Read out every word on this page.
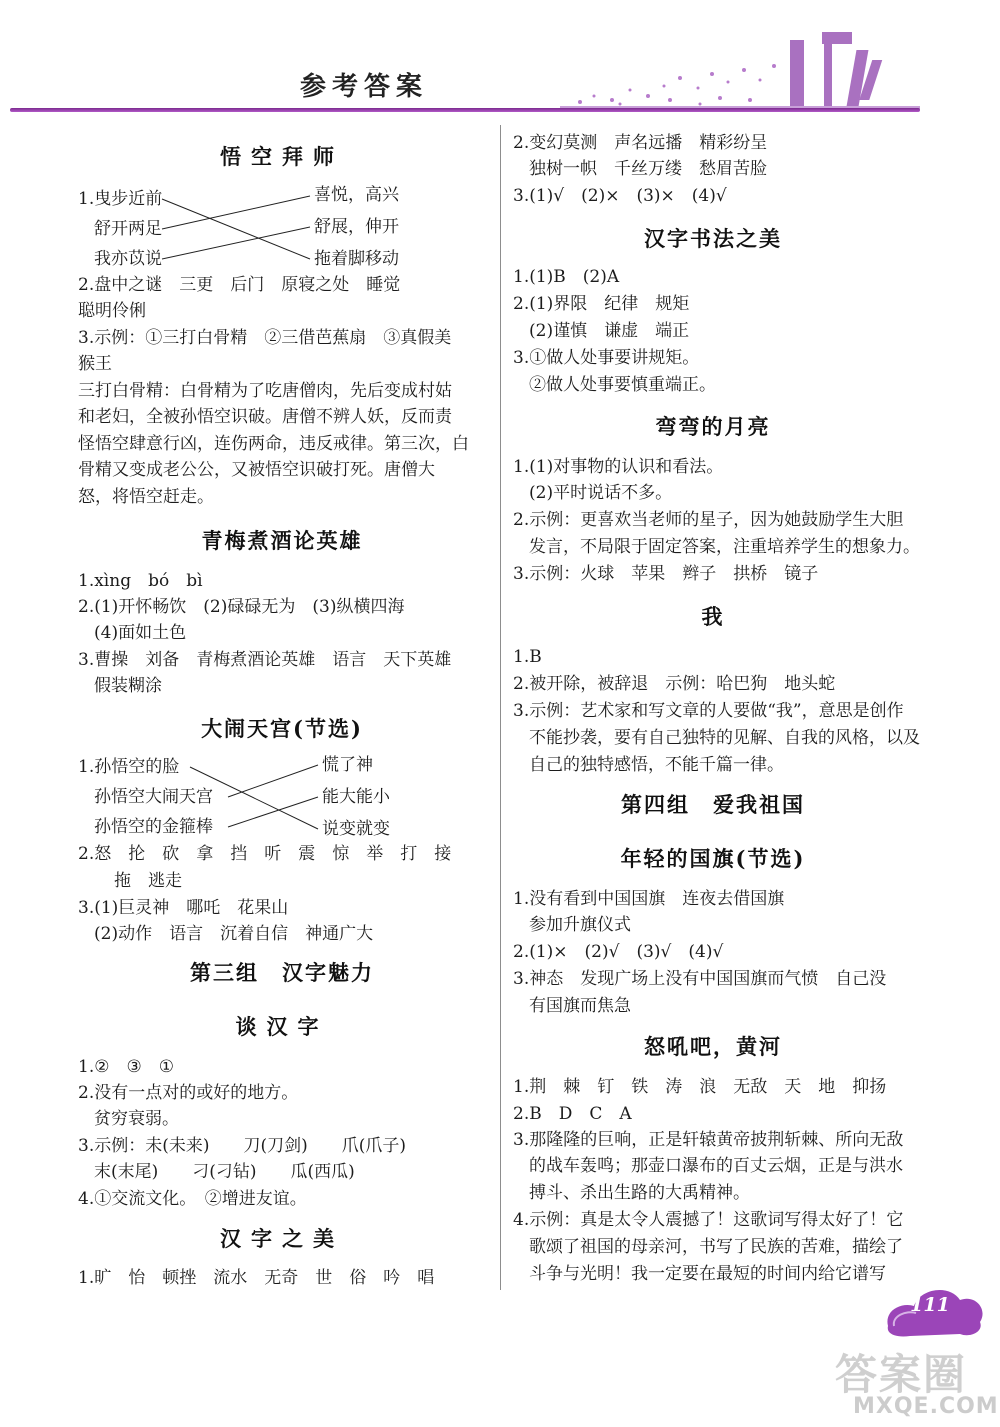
参考答案
悟空拜师
1.曳步近前
舒开两足
我亦苡说
喜悦，高兴
舒展，伸开
拖着脚移动
2.盘中之谜　三更　后门　原寝之处　睡觉
聪明伶俐
3.示例：①三打白骨精　②三借芭蕉扇　③真假美
猴王
三打白骨精：白骨精为了吃唐僧肉，先后变成村姑
和老妇，全被孙悟空识破。唐僧不辨人妖，反而责
怪悟空肆意行凶，连伤两命，违反戒律。第三次，白
骨精又变成老公公，又被悟空识破打死。唐僧大
怒，将悟空赶走。
青梅煮酒论英雄
1.xìng　bó　bì
2.(1)开怀畅饮　(2)碌碌无为　(3)纵横四海
(4)面如土色
3.曹操　刘备　青梅煮酒论英雄　语言　天下英雄
假装糊涂
大闹天宫(节选)
1.孙悟空的脸
孙悟空大闹天宫
孙悟空的金箍棒
慌了神
能大能小
说变就变
2.怒　抡　砍　拿　挡　听　震　惊　举　打　接
拖　逃走
3.(1)巨灵神　哪吒　花果山
(2)动作　语言　沉着自信　神通广大
第三组　汉字魅力
谈汉字
1.②　③　①
2.没有一点对的或好的地方。
贫穷衰弱。
3.示例：未(未来)　　刀(刀剑)　　爪(爪子)
末(末尾)　　刁(刁钻)　　瓜(西瓜)
4.①交流文化。　②增进友谊。
汉字之美
1.旷　怡　顿挫　流水　无奇　世　俗　吟　唱
2.变幻莫测　声名远播　精彩纷呈
独树一帜　千丝万缕　愁眉苦脸
3.(1)√　(2)×　(3)×　(4)√
汉字书法之美
1.(1)B　(2)A
2.(1)界限　纪律　规矩
(2)谨慎　谦虚　端正
3.①做人处事要讲规矩。
②做人处事要慎重端正。
弯弯的月亮
1.(1)对事物的认识和看法。
(2)平时说话不多。
2.示例：更喜欢当老师的星子，因为她鼓励学生大胆
发言，不局限于固定答案，注重培养学生的想象力。
3.示例：火球　苹果　辫子　拱桥　镜子
我
1.B
2.被开除，被辞退　示例：哈巴狗　地头蛇
3.示例：艺术家和写文章的人要做“我”，意思是创作
不能抄袭，要有自己独特的见解、自我的风格，以及
自己的独特感悟，不能千篇一律。
第四组　爱我祖国
年轻的国旗(节选)
1.没有看到中国国旗　连夜去借国旗
参加升旗仪式
2.(1)×　(2)√　(3)√　(4)√
3.神态　发现广场上没有中国国旗而气愤　自己没
有国旗而焦急
怒吼吧，黄河
1.荆　棘　钉　铁　涛　浪　无敌　天　地　抑扬
2.B　D　C　A
3.那隆隆的巨响，正是轩辕黄帝披荆斩棘、所向无敌
的战车轰鸣；那壶口瀑布的百丈云烟，正是与洪水
搏斗、杀出生路的大禹精神。
4.示例：真是太令人震撼了！这歌词写得太好了！它
歌颂了祖国的母亲河，书写了民族的苦难，描绘了
斗争与光明！我一定要在最短的时间内给它谱写
111
答案圈
MXQE.COM
